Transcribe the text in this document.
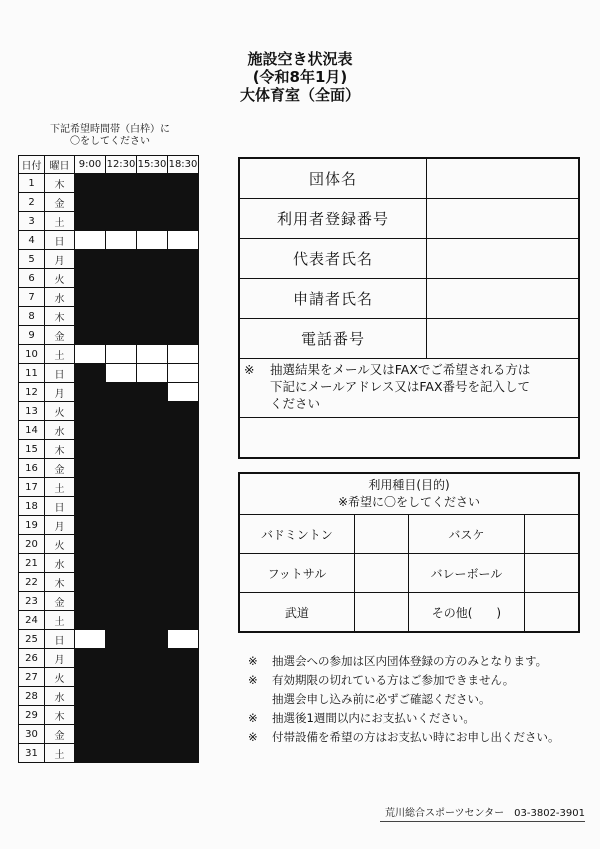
施設空き状況表
(令和8年1月)
大体育室（全面）
下記希望時間帯（白枠）に
〇をしてください
日付	曜日	9:00	12:30	15:30	18:30
1	木				
2	金				
3	土				
4	日				
5	月				
6	火				
7	水				
8	木				
9	金				
10	土				
11	日				
12	月				
13	火				
14	水				
15	木				
16	金				
17	土				
18	日				
19	月				
20	火				
21	水				
22	木				
23	金				
24	土				
25	日				
26	月				
27	火				
28	水				
29	木				
30	金				
31	土				
団体名	
利用者登録番号	
代表者氏名	
申請者氏名	
電話番号	

※ 抽選結果をメール又はFAXでご希望される方は
下記にメールアドレス又はFAX番号を記入して
ください	

利用種目(目的)
※希望に〇をしてください			

バドミントン		バスケ	
フットサル		バレーボール	
武道		その他(　　)	
※	抽選会への参加は区内団体登録の方のみとなります。
※	有効期限の切れている方はご参加できません。
抽選会申し込み前に必ずご確認ください。
※	抽選後1週間以内にお支払いください。
※	付帯設備を希望の方はお支払い時にお申し出ください。
荒川総合スポーツセンター　03-3802-3901
